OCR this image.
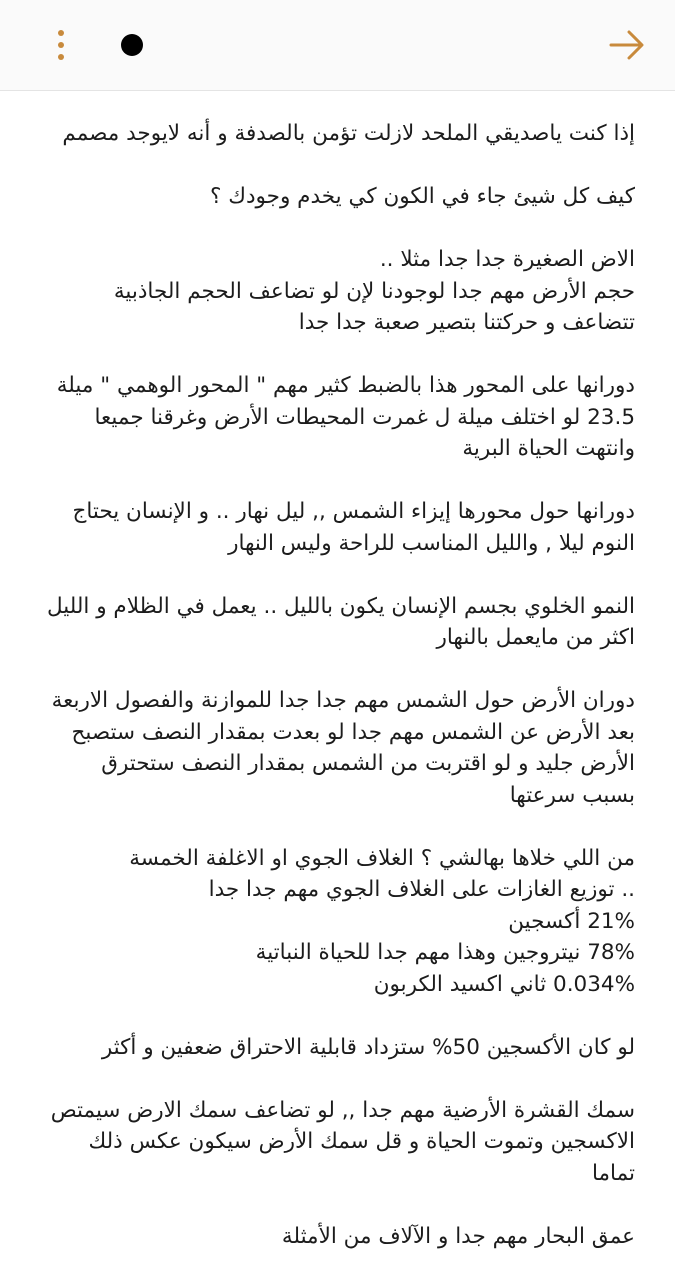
إذا كنت ياصديقي الملحد لازلت تؤمن بالصدفة و أنه لايوجد مصمم
كيف كل شيئ جاء في الكون كي يخدم وجودك ؟
الاض الصغيرة جدا جدا مثلا ..
حجم الأرض مهم جدا لوجودنا لإن لو تضاعف الحجم الجاذبية
تتضاعف و حركتنا بتصير صعبة جدا جدا
دورانها على المحور هذا بالضبط كثير مهم " المحور الوهمي " ميلة
23.5 لو اختلف ميلة ل غمرت المحيطات الأرض وغرقنا جميعا
وانتهت الحياة البرية
دورانها حول محورها إيزاء الشمس ,, ليل نهار .. و الإنسان يحتاج
النوم ليلا , والليل المناسب للراحة وليس النهار
النمو الخلوي بجسم الإنسان يكون بالليل .. يعمل في الظلام و الليل
اكثر من مايعمل بالنهار
دوران الأرض حول الشمس مهم جدا جدا للموازنة والفصول الاربعة
بعد الأرض عن الشمس مهم جدا لو بعدت بمقدار النصف ستصبح
الأرض جليد و لو اقتربت من الشمس بمقدار النصف ستحترق
بسبب سرعتها
من اللي خلاها بهالشي ؟ الغلاف الجوي او الاغلفة الخمسة
.. توزيع الغازات على الغلاف الجوي مهم جدا جدا
21% أكسجين
78% نيتروجين وهذا مهم جدا للحياة النباتية
0.034% ثاني اكسيد الكربون
لو كان الأكسجين 50% ستزداد قابلية الاحتراق ضعفين و أكثر
سمك القشرة الأرضية مهم جدا ,, لو تضاعف سمك الارض سيمتص
الاكسجين وتموت الحياة و قل سمك الأرض سيكون عكس ذلك
تماما
عمق البحار مهم جدا و الآلاف من الأمثلة
